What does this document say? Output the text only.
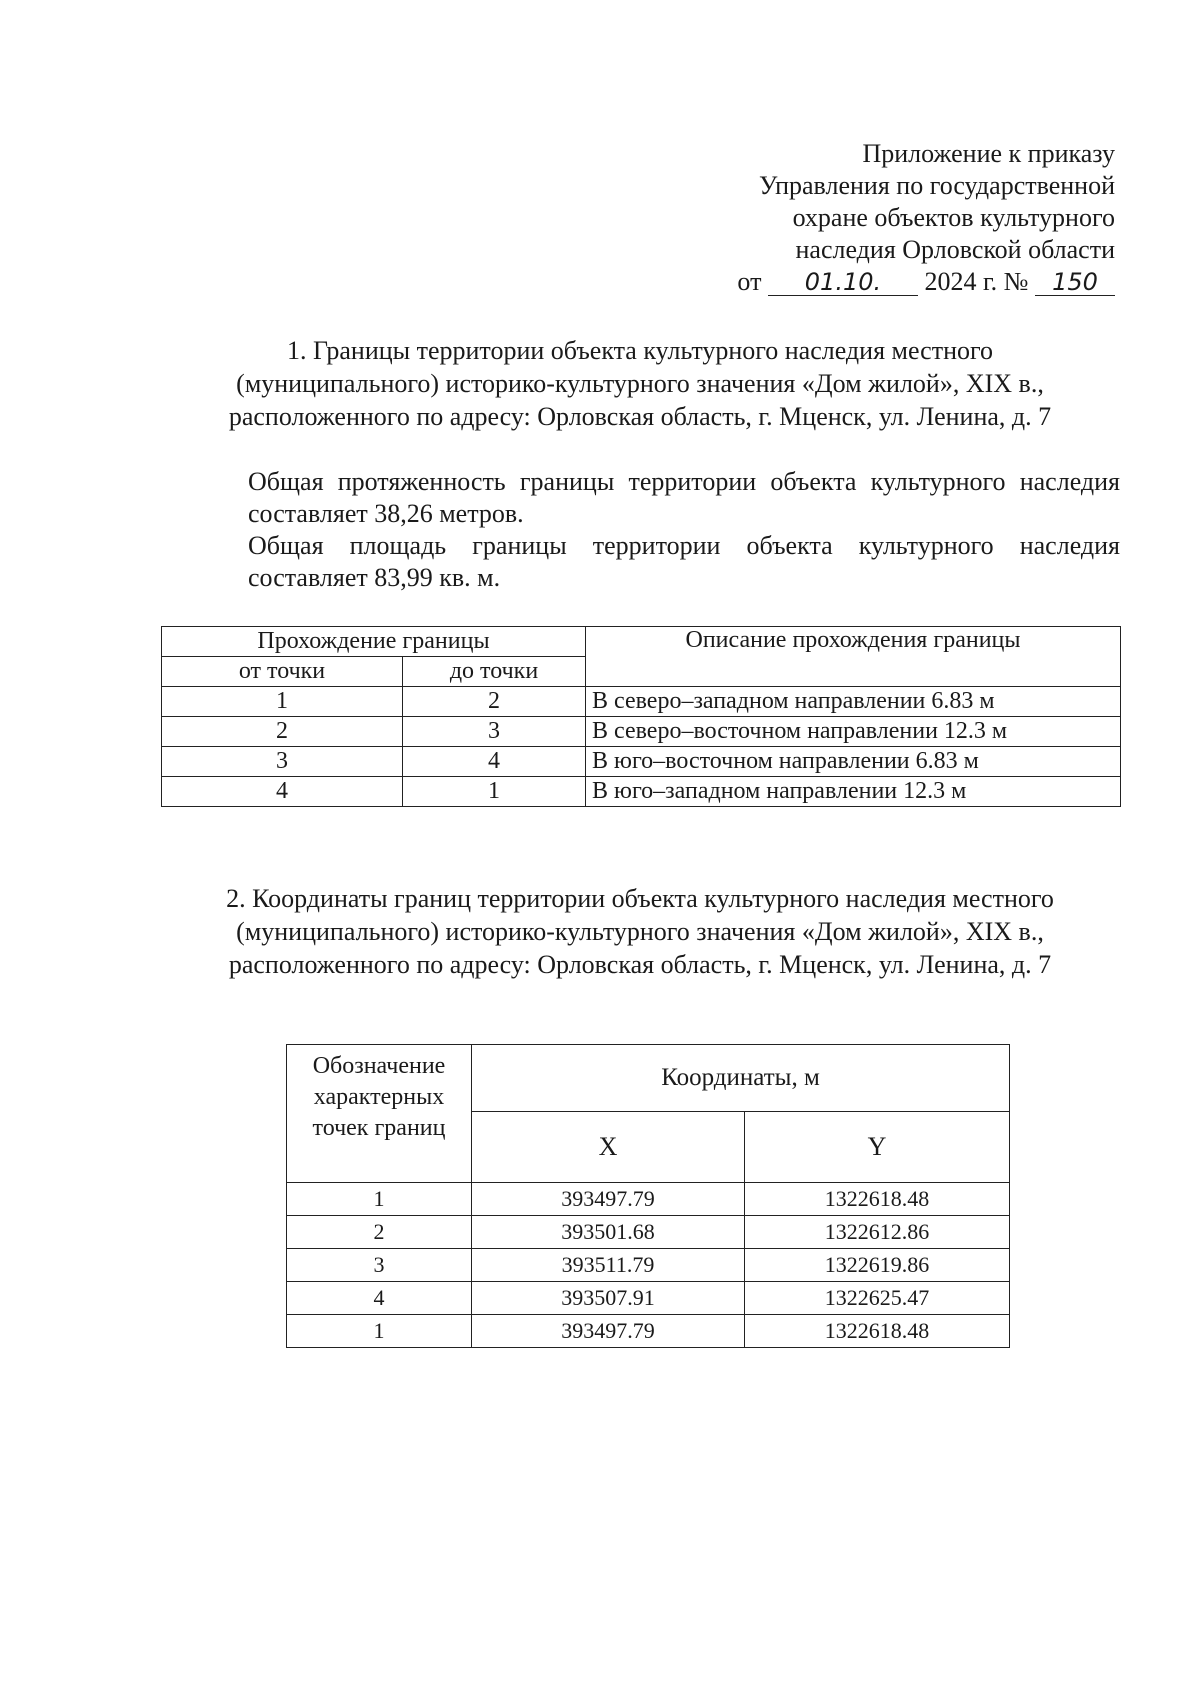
Приложение к приказу
Управления по государственной
охране объектов культурного
наследия Орловской области
от 01.10. 2024 г. № 150
1. Границы территории объекта культурного наследия местного
(муниципального) историко-культурного значения «Дом жилой», XIX в.,
расположенного по адресу: Орловская область, г. Мценск, ул. Ленина, д. 7
Общая протяженность границы территории объекта культурного наследия составляет 38,26 метров.
Общая площадь границы территории объекта культурного наследия составляет 83,99 кв. м.
Прохождение границы		Описание прохождения границы
от точки	до точки	
1	2	В северо–западном направлении 6.83 м
2	3	В северо–восточном направлении 12.3 м
3	4	В юго–восточном направлении 6.83 м
4	1	В юго–западном направлении 12.3 м
2. Координаты границ территории объекта культурного наследия местного
(муниципального) историко-культурного значения «Дом жилой», XIX в.,
расположенного по адресу: Орловская область, г. Мценск, ул. Ленина, д. 7
Обозначение характерных точек границ	Координаты, м	
	X	Y
1	393497.79	1322618.48
2	393501.68	1322612.86
3	393511.79	1322619.86
4	393507.91	1322625.47
1	393497.79	1322618.48
